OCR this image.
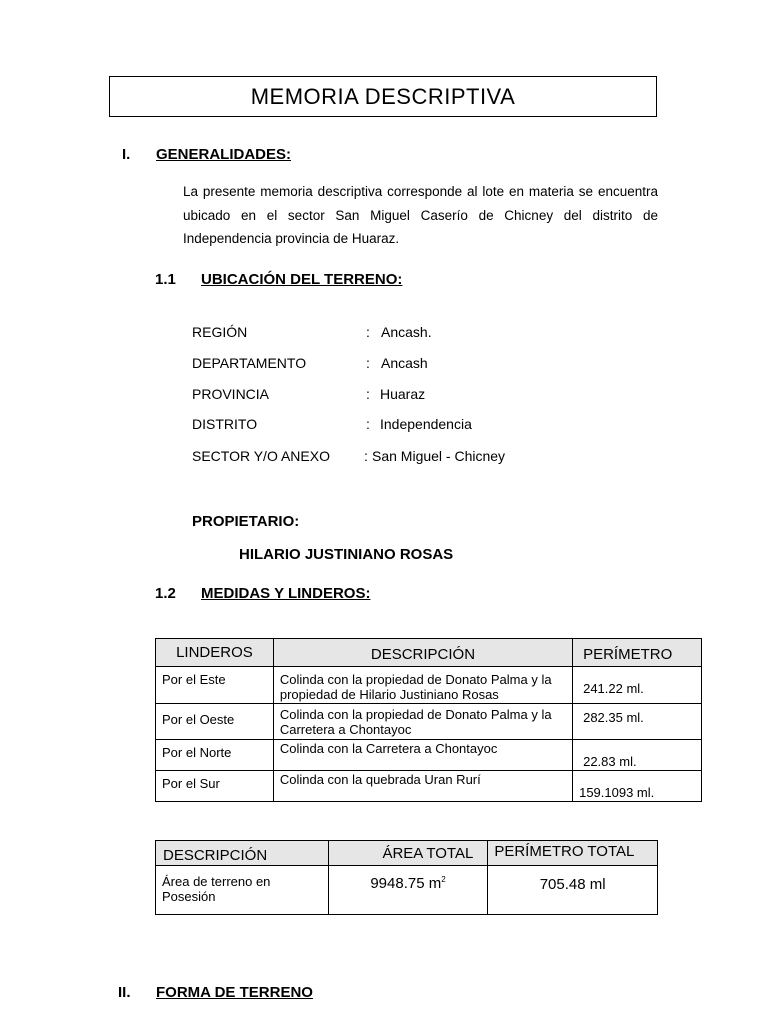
MEMORIA DESCRIPTIVA
I. GENERALIDADES:
La presente memoria descriptiva corresponde al lote en materia se encuentra ubicado en el sector San Miguel Caserío de Chicney del distrito de Independencia provincia de Huaraz.
1.1 UBICACIÓN DEL TERRENO:
REGIÓN	: Ancash.
DEPARTAMENTO	: Ancash
PROVINCIA	: Huaraz
DISTRITO	: Independencia
SECTOR Y/O ANEXO : San Miguel - Chicney
PROPIETARIO:
HILARIO JUSTINIANO ROSAS
1.2 MEDIDAS Y LINDEROS:
LINDEROS	DESCRIPCIÓN	PERÍMETRO
Por el Este	Colinda con la propiedad de Donato Palma y la propiedad de Hilario Justiniano Rosas	241.22 ml.
Por el Oeste	Colinda con la propiedad de Donato Palma y la Carretera a Chontayoc	282.35 ml.
Por el Norte	Colinda con la Carretera a Chontayoc	22.83 ml.
Por el Sur	Colinda con la quebrada Uran Rurí	159.1093 ml.
DESCRIPCIÓN	ÁREA TOTAL	PERÍMETRO TOTAL
Área de terreno en Posesión	9948.75 $m^2$	705.48 ml
II. FORMA DE TERRENO
